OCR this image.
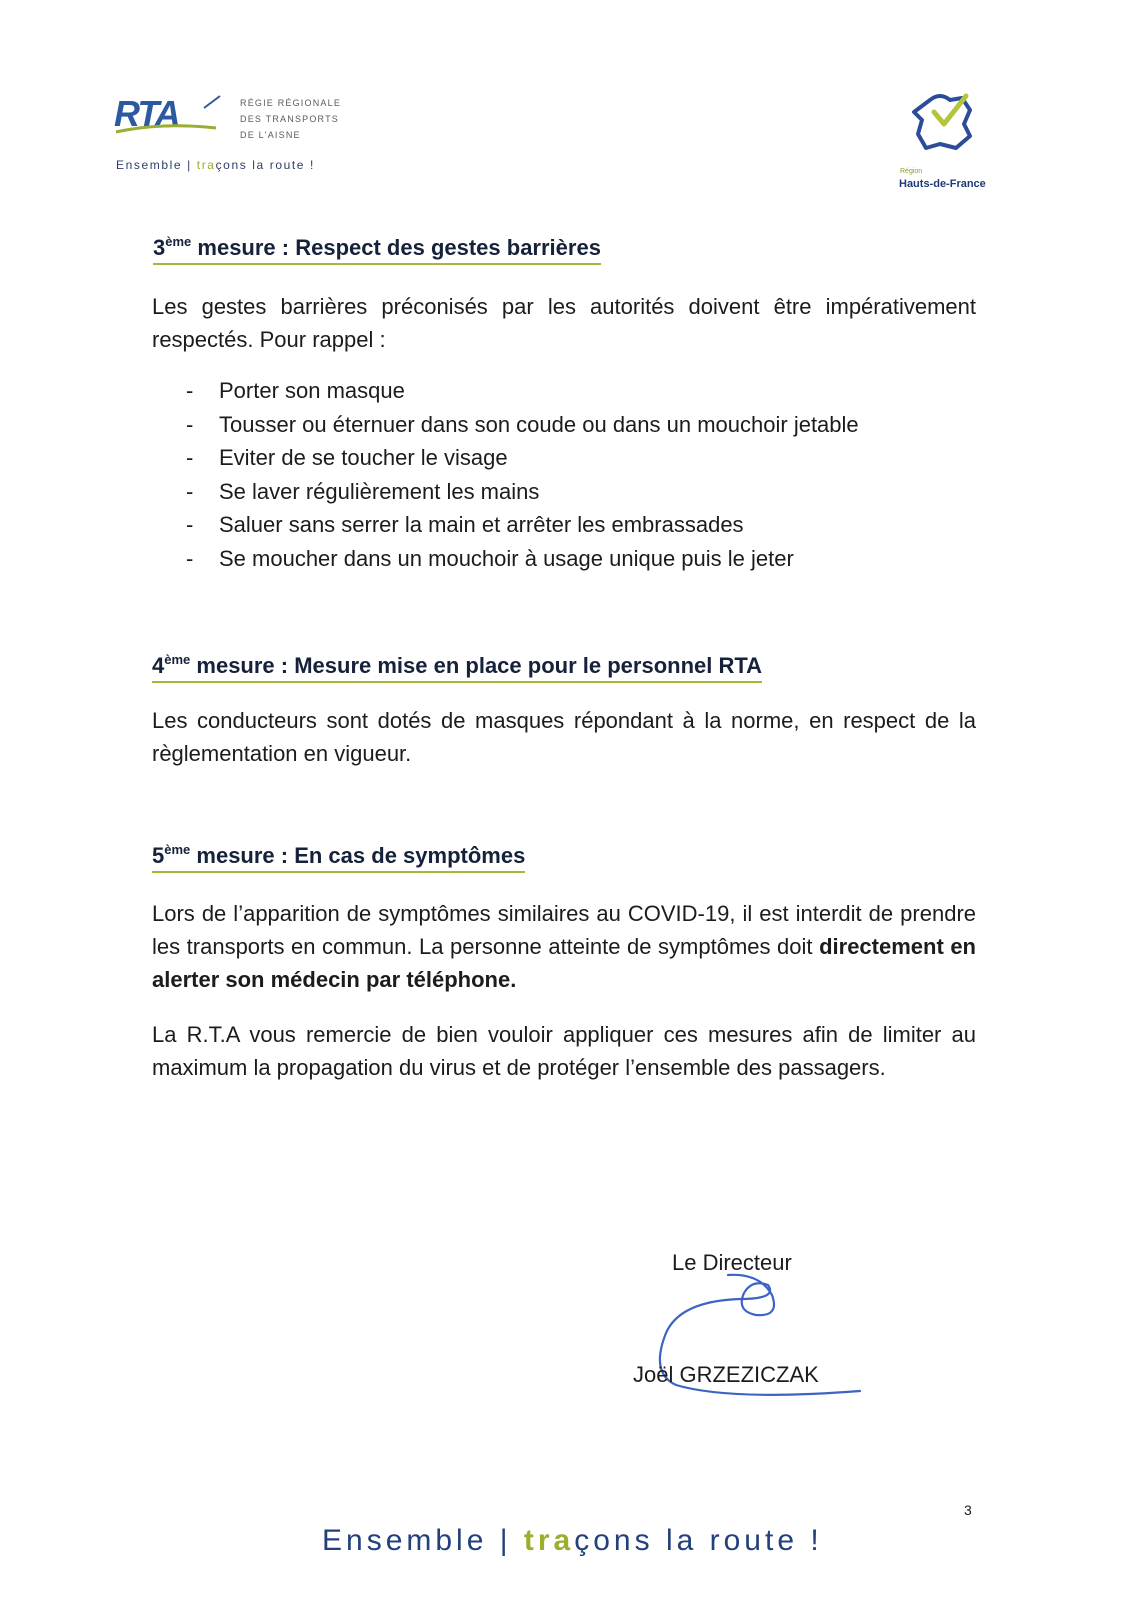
RTA	RÉGIE RÉGIONALE
DES TRANSPORTS
DE L'AISNE
Ensemble | traçons la route !	Région
Hauts-de-France
3ème mesure : Respect des gestes barrières

Les gestes barrières préconisés par les autorités doivent être impérativement respectés. Pour rappel :

- Porter son masque
- Tousser ou éternuer dans son coude ou dans un mouchoir jetable
- Eviter de se toucher le visage
- Se laver régulièrement les mains
- Saluer sans serrer la main et arrêter les embrassades
- Se moucher dans un mouchoir à usage unique puis le jeter
4ème mesure : Mesure mise en place pour le personnel RTA

Les conducteurs sont dotés de masques répondant à la norme, en respect de la règlementation en vigueur.

5ème mesure : En cas de symptômes

Lors de l’apparition de symptômes similaires au COVID-19, il est interdit de prendre les transports en commun. La personne atteinte de symptômes doit directement en alerter son médecin par téléphone.

La R.T.A vous remercie de bien vouloir appliquer ces mesures afin de limiter au maximum la propagation du virus et de protéger l’ensemble des passagers.

Le Directeur
Joël GRZEZICZAK
3
Ensemble | traçons la route !
